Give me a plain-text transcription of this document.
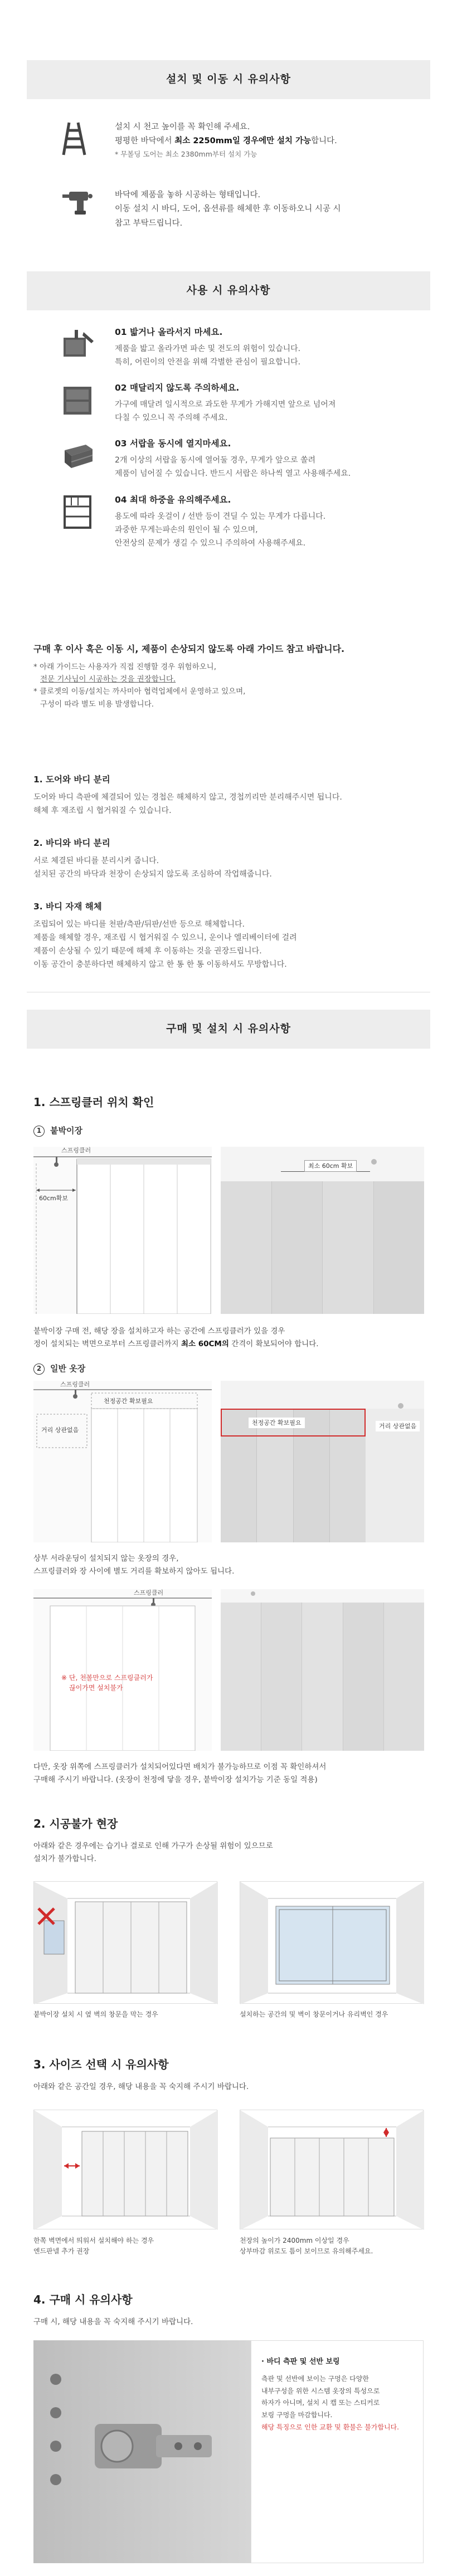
설치 및 이동 시 유의사항

설치 시 천고 높이를 꼭 확인해 주세요.

평평한 바닥에서 최소 2250mm일 경우에만 설치 가능합니다.

* 무볼딩 도어는 최소 2380mm부터 설치 가능

바닥에 제품을 놓하 시공하는 형태입니다.

이동 설치 시 바디, 도어, 옵션류를 해체한 후 이동하오니 시공 시

참고 부탁드립니다.

사용 시 유의사항
01 밟거나 올라서지 마세요.

제품을 밟고 올라가면 파손 및 전도의 위험이 있습니다.

특히, 어린이의 안전을 위해 각별한 관심이 필요합니다.

02 매달리지 않도록 주의하세요.

가구에 매달려 일시적으로 과도한 무게가 가해지면 앞으로 넘어져

다칠 수 있으니 꼭 주의해 주세요.

03 서랍을 동시에 열지마세요.

2개 이상의 서랍을 동시에 열어둘 경우, 무게가 앞으로 쏠려

제품이 넘어질 수 있습니다. 반드시 서랍은 하나씩 열고 사용해주세요.

04 최대 하중을 유의해주세요.

용도에 따라 옷걸이 / 선반 등이 견딜 수 있는 무게가 다릅니다.

과중한 무게는파손의 원인이 될 수 있으며,

안전상의 문제가 생길 수 있으니 주의하여 사용해주세요.

구매 후 이사 혹은 이동 시, 제품이 손상되지 않도록 아래 가이드 참고 바랍니다.
* 아래 가이드는 사용자가 직접 진행할 경우 위험하오니,
전문 기사님이 시공하는 것을 권장합니다.
* 클로젯의 이동/설치는 까사미아 협력업체에서 운영하고 있으며,
구성이 따라 별도 비용 발생합니다.
1. 도어와 바디 분리

도어와 바디 측판에 체결되어 있는 경첩은 해체하지 않고, 경첩끼리만 분리해주시면 됩니다.

해체 후 재조립 시 협거워질 수 있습니다.

2. 바디와 바디 분리

서로 체결된 바디를 분리시켜 줍니다.

설치된 공간의 바닥과 천장이 손상되지 않도록 조심하여 작업해줍니다.

3. 바디 자재 해체

조립되어 있는 바디를 천판/측판/뒤판/선반 등으로 해체합니다.

제품을 해체할 경우, 재조립 시 협거워질 수 있으니, 운이나 엘리베이터에 걸려

제품이 손상될 수 있기 때문에 해체 후 이동하는 것을 권장드립니다.

이동 공간이 충분하다면 해체하지 않고 한 통 한 통 이동하셔도 무방합니다.

구매 및 설치 시 유의사항
1. 스프링클러 위치 확인
1	붙박이장
스프링클러
60cm확보
최소 60cm 확보

붙박이장 구매 전, 해당 장을 설치하고자 하는 공간에 스프링클러가 있을 경우

정이 설치되는 벽면으로부터 스프링클러까지 최소 60CM의 간격이 확보되어야 합니다.

2	일반 옷장
스프링클러
천정공간 확보필요
거리 상관없음
천정공간 확보필요	거리 상관없음

상부 서라운딩이 설치되지 않는 옷장의 경우,

스프링클러와 장 사이에 별도 거리를 확보하지 않아도 됩니다.

스프링클러
※ 단, 천볼만으로 스프링클러가
끊이가면 설치불가

다만, 옷장 위쪽에 스프링클러가 설치되어있다면 배치가 불가능하므로 이점 꼭 확인하셔서

구매해 주시기 바랍니다. (옷장이 천정에 닿을 경우, 붙박이장 설치가능 기준 동일 적용)

2. 시공불가 현장

아래와 같은 경우에는 습기나 결로로 인해 가구가 손상될 위험이 있으므로

설치가 불가합니다.

붙박이장 설치 시 옆 벽의 창문을 막는 경우	설치하는 공간의 및 벽이 창문이거나 유리벽인 경우
3. 사이즈 선택 시 유의사항
아래와 같은 공간일 경우, 해당 내용을 꼭 숙지해 주시기 바랍니다.
한쪽 벽면에서 띄워서 설치해야 하는 경우
엔드판넬 추가 권장
천장의 높이가 2400mm 이상일 경우
상부마감 위로도 틈이 보이므로 유의해주세요.
4. 구매 시 유의사항
구매 시, 해당 내용을 꼭 숙지해 주시기 바랍니다.
· 바디 측판 및 선반 보링
측판 및 선반에 보이는 구멍은 다양한
내부구성을 위한 시스템 옷장의 특성으로
하자가 아니며, 설치 시 캡 또는 스티커로
보링 구멍을 마감합니다.
해당 특징으로 인한 교환 및 환불은 불가합니다.
